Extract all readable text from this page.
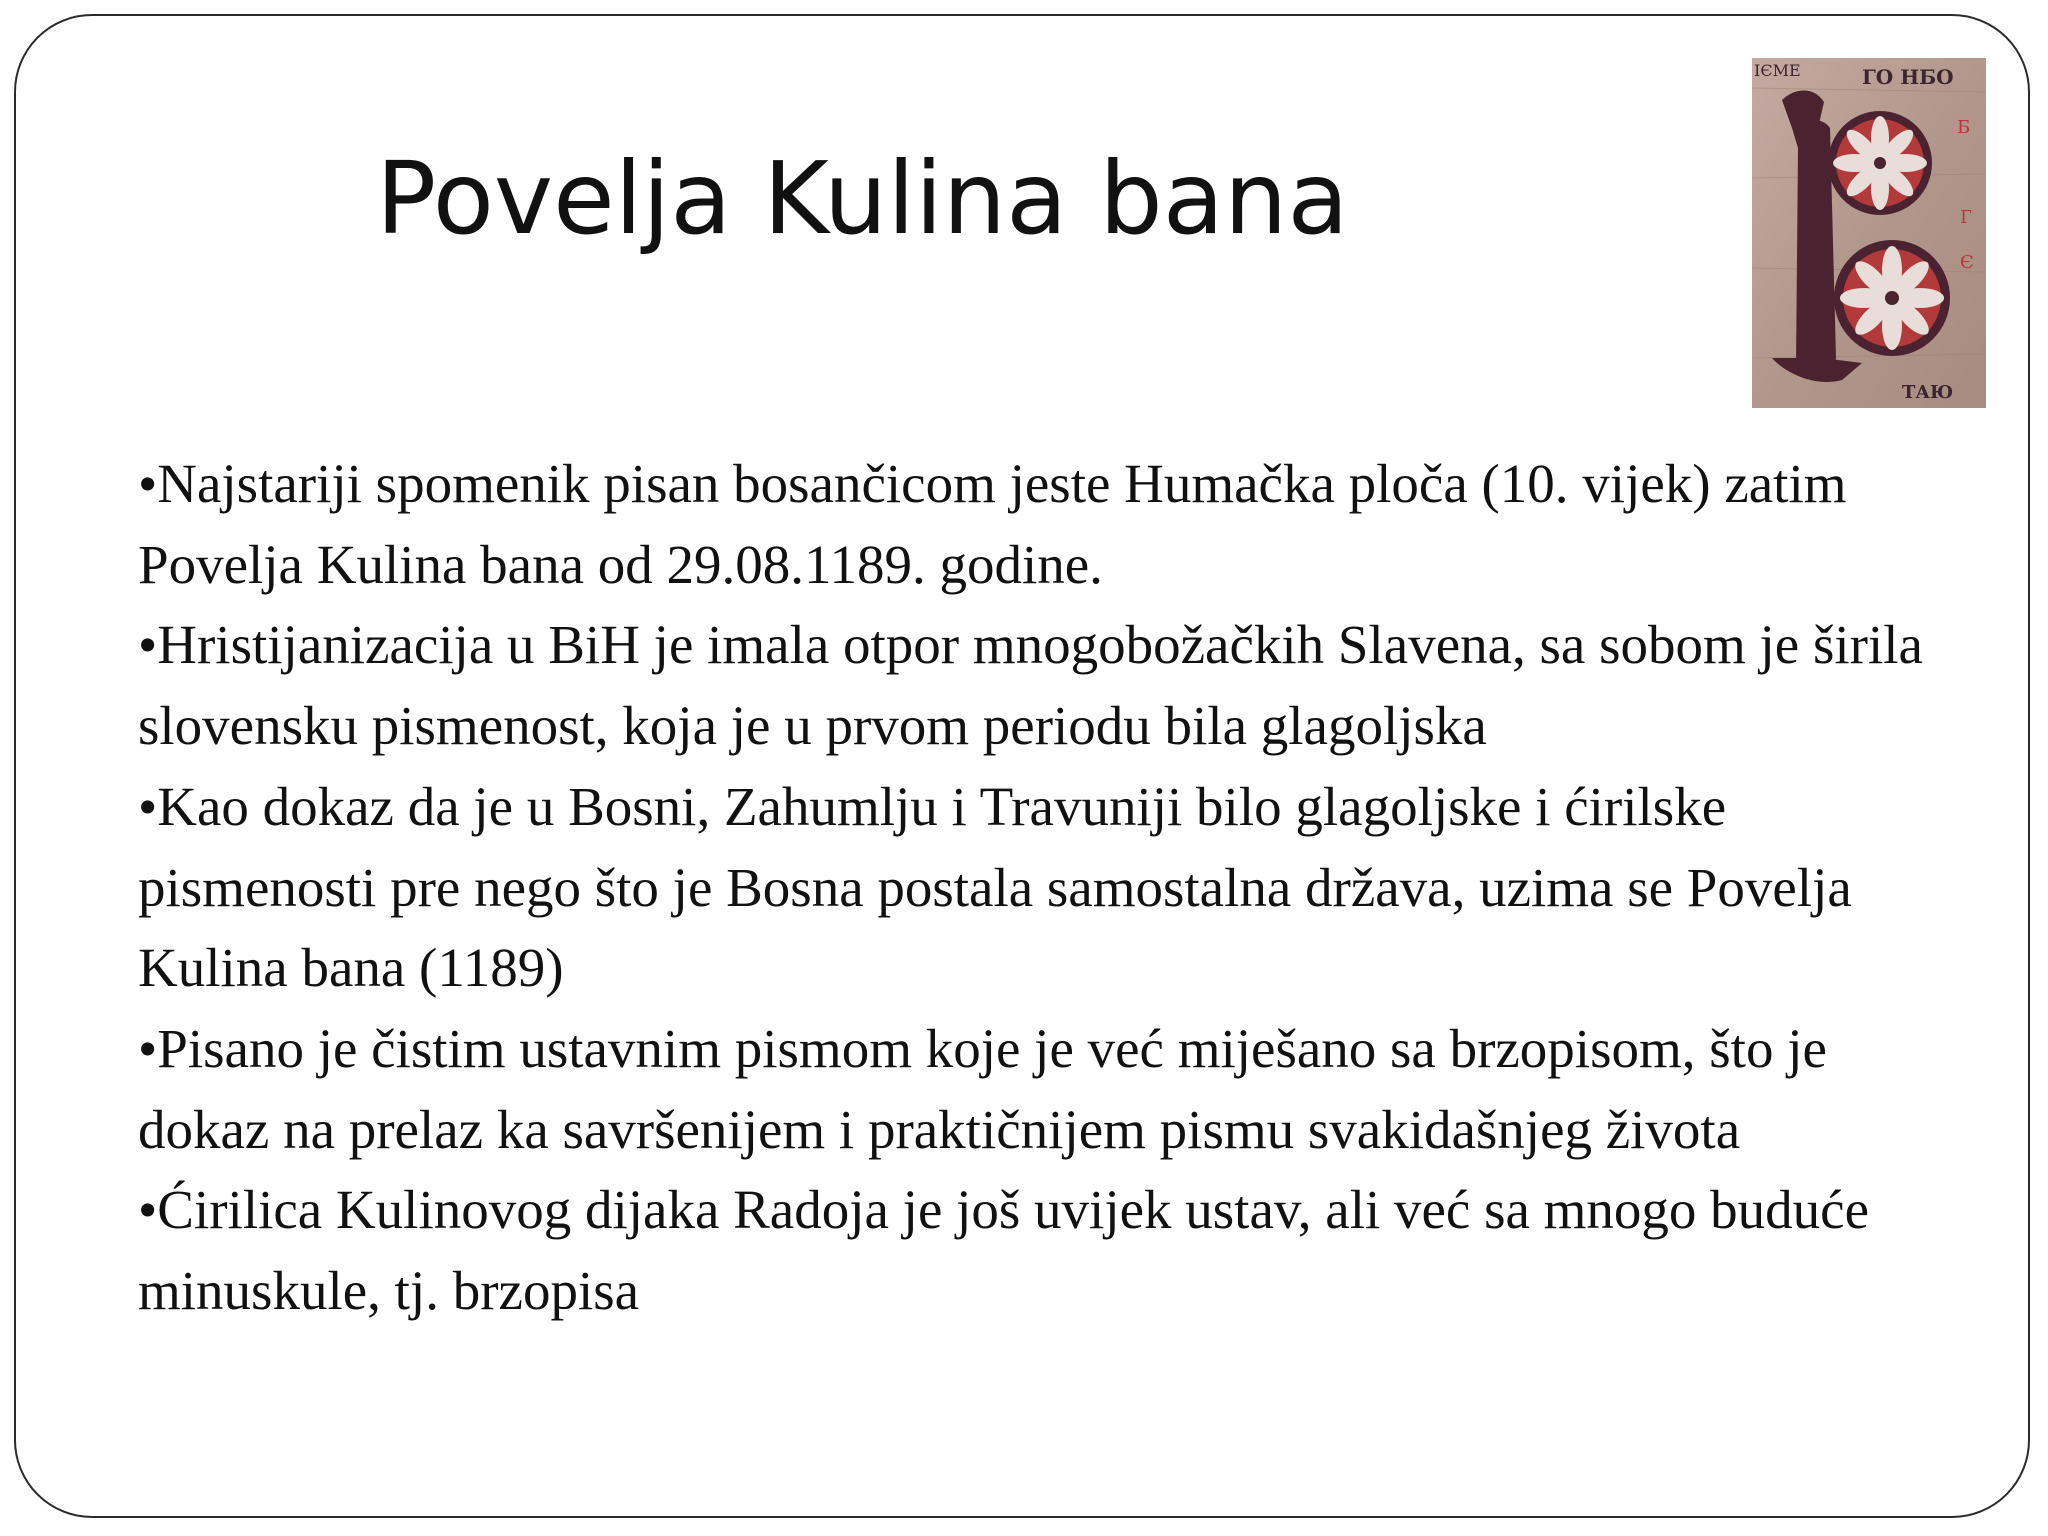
Povelja Kulina bana
ІЄМЕ	ГО НБО
ТАЮ
Б
Г
Є
•Najstariji spomenik pisan bosančicom jeste Humačka ploča (10. vijek) zatim Povelja Kulina bana od 29.08.1189. godine.
•Hristijanizacija u BiH je imala otpor mnogobožačkih Slavena, sa sobom je širila slovensku pismenost, koja je u prvom periodu bila glagoljska
•Kao dokaz da je u Bosni, Zahumlju i Travuniji bilo glagoljske i ćirilske pismenosti pre nego što je Bosna postala samostalna država, uzima se Povelja Kulina bana (1189)
•Pisano je čistim ustavnim pismom koje je već miješano sa brzopisom, što je dokaz na prelaz ka savršenijem i praktičnijem pismu svakidašnjeg života
•Ćirilica Kulinovog dijaka Radoja je još uvijek ustav, ali već sa mnogo buduće minuskule, tj. brzopisa
